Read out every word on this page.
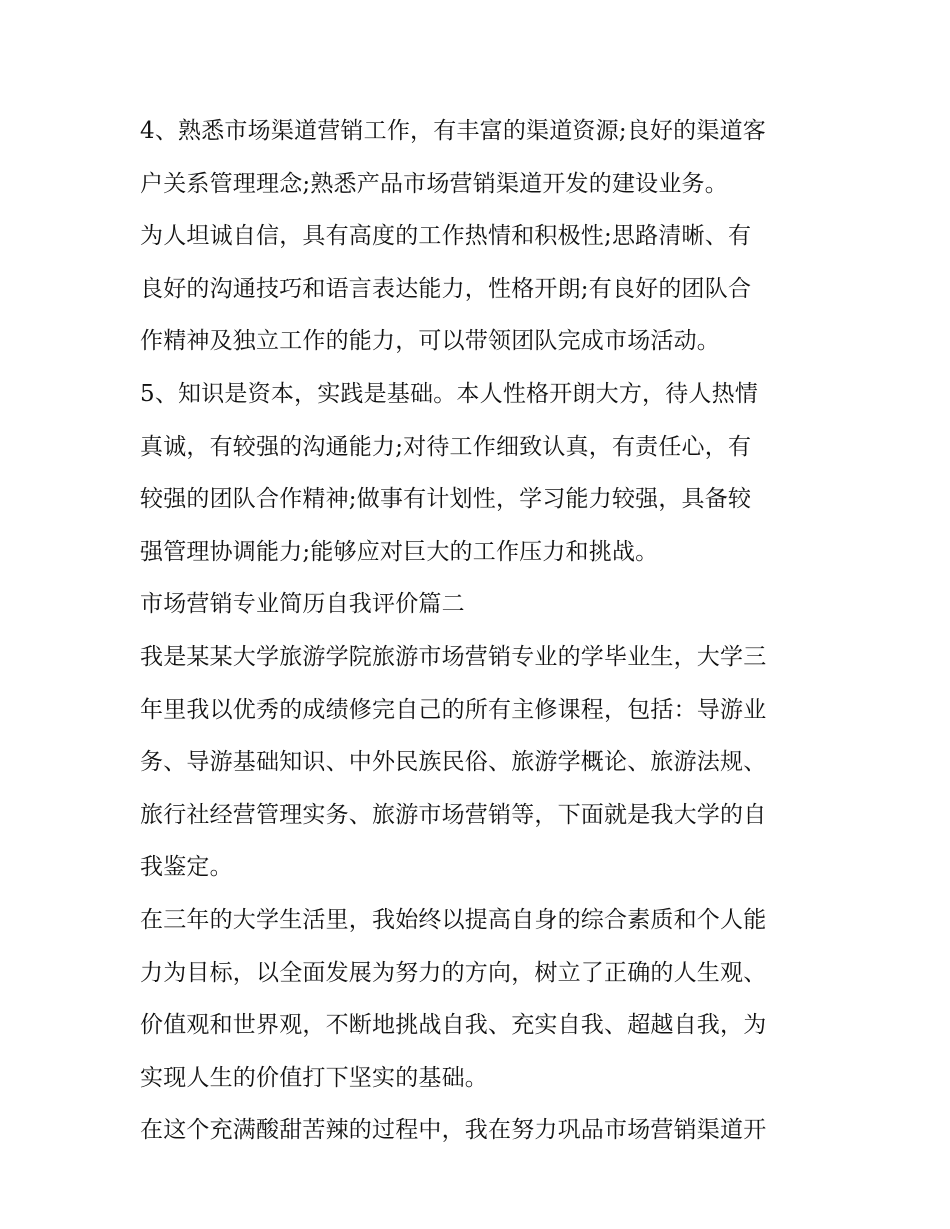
4、熟悉市场渠道营销工作，有丰富的渠道资源;良好的渠道客
户关系管理理念;熟悉产品市场营销渠道开发的建设业务。

为人坦诚自信，具有高度的工作热情和积极性;思路清晰、有
良好的沟通技巧和语言表达能力，性格开朗;有良好的团队合
作精神及独立工作的能力，可以带领团队完成市场活动。

5、知识是资本，实践是基础。本人性格开朗大方，待人热情
真诚，有较强的沟通能力;对待工作细致认真，有责任心，有
较强的团队合作精神;做事有计划性，学习能力较强，具备较
强管理协调能力;能够应对巨大的工作压力和挑战。

市场营销专业简历自我评价篇二

我是某某大学旅游学院旅游市场营销专业的学毕业生，大学三
年里我以优秀的成绩修完自己的所有主修课程，包括：导游业
务、导游基础知识、中外民族民俗、旅游学概论、旅游法规、
旅行社经营管理实务、旅游市场营销等，下面就是我大学的自
我鉴定。

在三年的大学生活里，我始终以提高自身的综合素质和个人能
力为目标，以全面发展为努力的方向，树立了正确的人生观、
价值观和世界观，不断地挑战自我、充实自我、超越自我，为
实现人生的价值打下坚实的基础。

在这个充满酸甜苦辣的过程中，我在努力巩品市场营销渠道开
